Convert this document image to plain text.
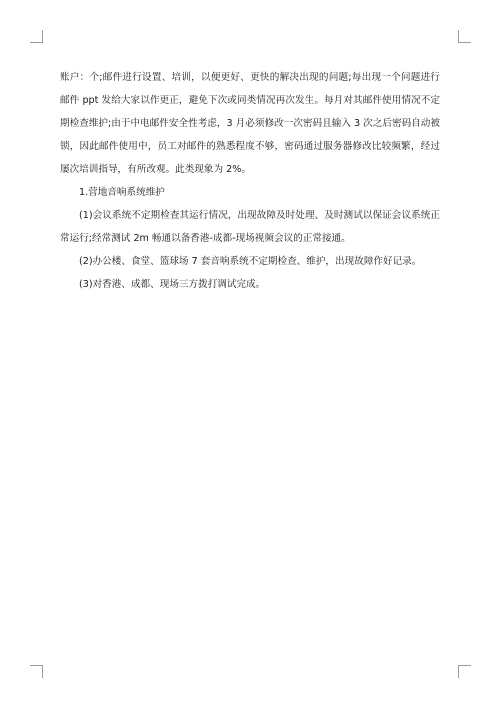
账户：个;邮件进行设置、培训，以便更好、更快的解决出现的问题;每出现一个问题进行邮件 ppt 发给大家以作更正，避免下次或同类情况再次发生。每月对其邮件使用情况不定期检查维护;由于中电邮件安全性考虑，3 月必须修改一次密码且输入 3 次之后密码自动被锁，因此邮件使用中，员工对邮件的熟悉程度不够，密码通过服务器修改比较频繁，经过屡次培训指导，有所改观。此类现象为 2%。

1.营地音响系统维护

(1)会议系统不定期检查其运行情况，出现故障及时处理、及时测试以保证会议系统正常运行;经常测试 2m 畅通以备香港-成都-现场视频会议的正常接通。

(2)办公楼、食堂、篮球场 7 套音响系统不定期检查、维护，出现故障作好记录。

(3)对香港、成都、现场三方拨打调试完成。
